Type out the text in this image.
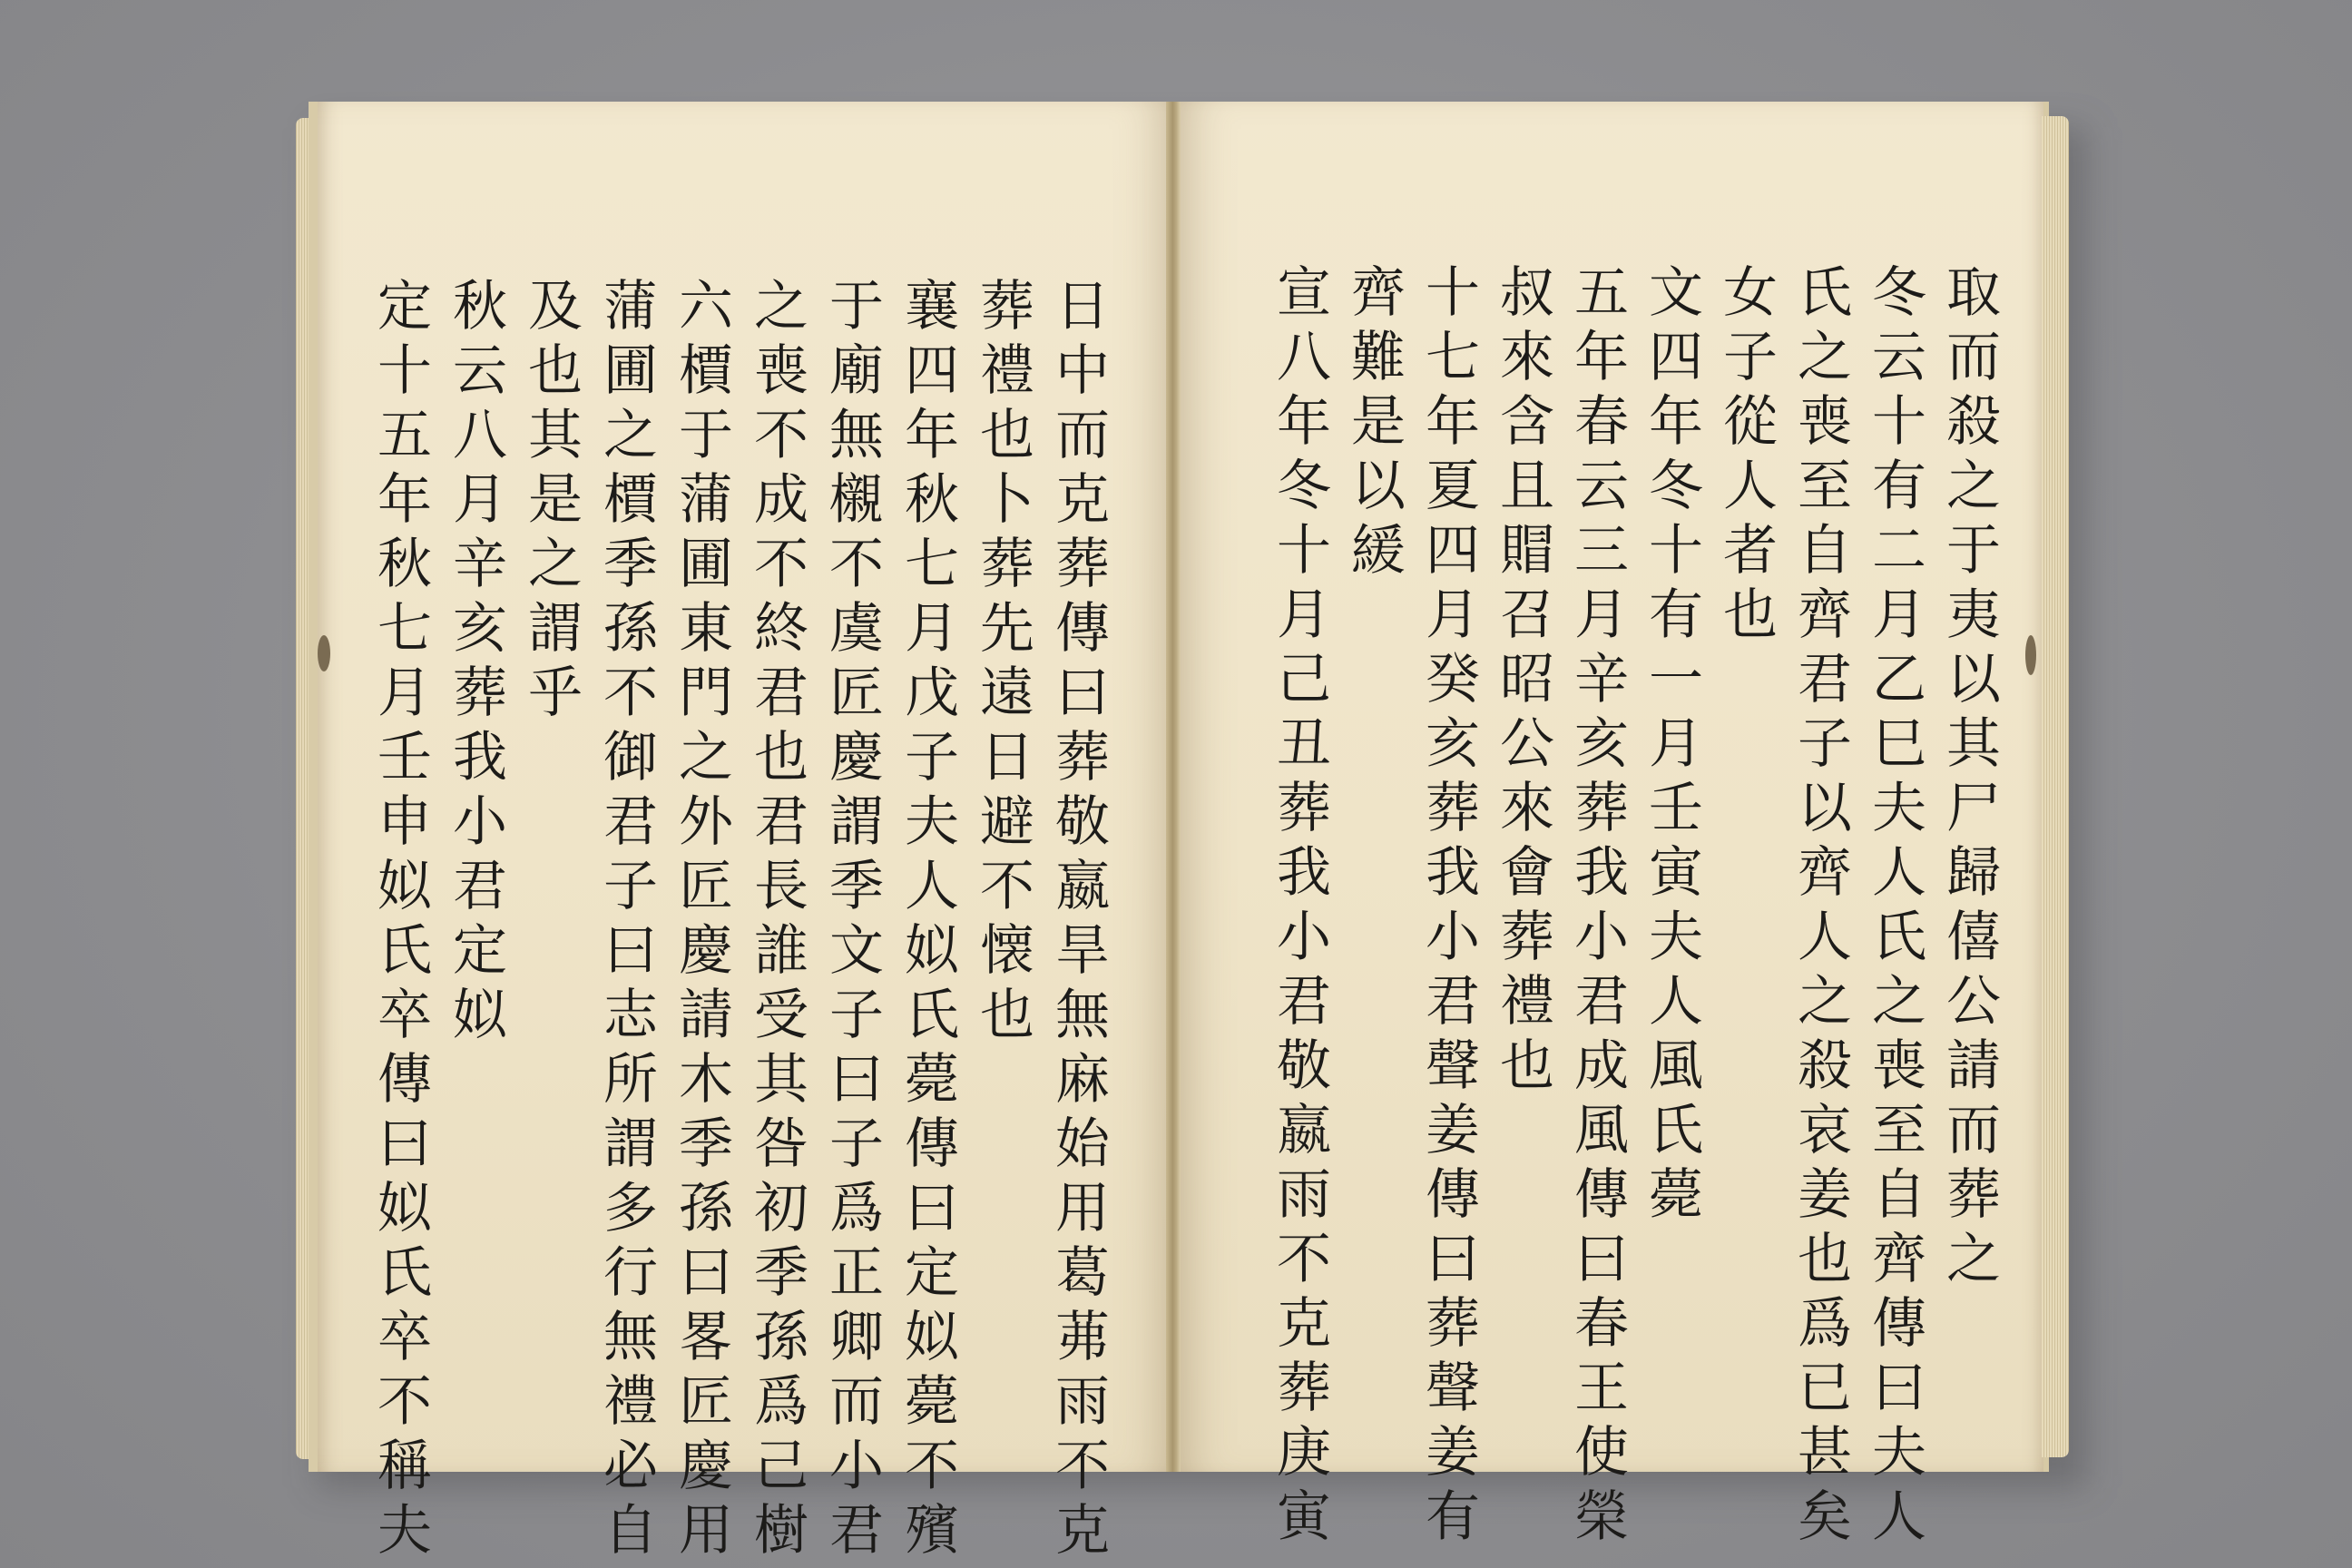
日中而克葬傳曰葬敬嬴旱無麻始用葛茀雨不克
葬禮也卜葬先遠日避不懐也
襄四年秋七月戊子夫人姒氏薨傳曰定姒薨不殯
于廟無櫬不虞匠慶謂季文子曰子爲正卿而小君
之喪不成不終君也君長誰受其咎初季孫爲己樹
六檟于蒲圃東門之外匠慶請木季孫曰畧匠慶用
蒲圃之檟季孫不御君子曰志所謂多行無禮必自
及也其是之謂乎
秋云八月辛亥葬我小君定姒
定十五年秋七月壬申姒氏卒傳曰姒氏卒不稱夫	取而殺之于夷以其尸歸僖公請而葬之
冬云十有二月乙巳夫人氏之喪至自齊傳曰夫人
氏之喪至自齊君子以齊人之殺哀姜也爲已甚矣
女子從人者也
文四年冬十有一月壬寅夫人風氏薨
五年春云三月辛亥葬我小君成風傳曰春王使榮
叔來含且賵召昭公來會葬禮也
十七年夏四月癸亥葬我小君聲姜傳曰葬聲姜有
齊難是以緩
宣八年冬十月己丑葬我小君敬嬴雨不克葬庚寅
